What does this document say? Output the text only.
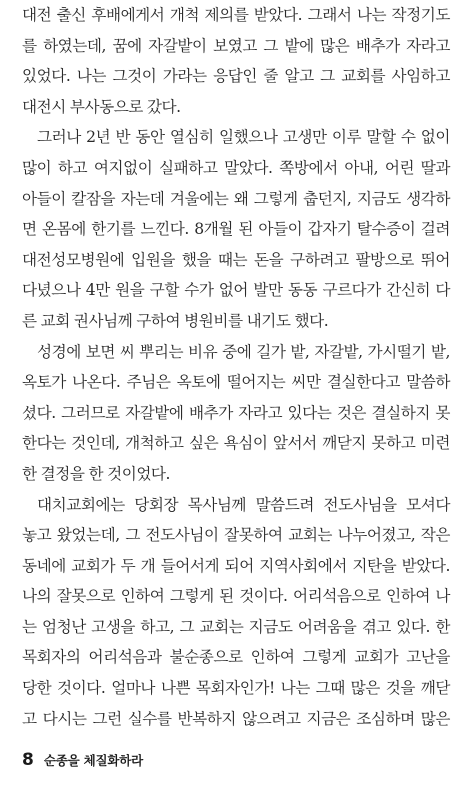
대전 출신 후배에게서 개척 제의를 받았다. 그래서 나는 작정기도
를 하였는데, 꿈에 자갈밭이 보였고 그 밭에 많은 배추가 자라고
있었다. 나는 그것이 가라는 응답인 줄 알고 그 교회를 사임하고
대전시 부사동으로 갔다.
그러나 2년 반 동안 열심히 일했으나 고생만 이루 말할 수 없이
많이 하고 여지없이 실패하고 말았다. 쪽방에서 아내, 어린 딸과
아들이 칼잠을 자는데 겨울에는 왜 그렇게 춥던지, 지금도 생각하
면 온몸에 한기를 느낀다. 8개월 된 아들이 갑자기 탈수증이 걸려
대전성모병원에 입원을 했을 때는 돈을 구하려고 팔방으로 뛰어
다녔으나 4만 원을 구할 수가 없어 발만 동동 구르다가 간신히 다
른 교회 권사님께 구하여 병원비를 내기도 했다.
성경에 보면 씨 뿌리는 비유 중에 길가 밭, 자갈밭, 가시떨기 밭,
옥토가 나온다. 주님은 옥토에 떨어지는 씨만 결실한다고 말씀하
셨다. 그러므로 자갈밭에 배추가 자라고 있다는 것은 결실하지 못
한다는 것인데, 개척하고 싶은 욕심이 앞서서 깨닫지 못하고 미련
한 결정을 한 것이었다.
대치교회에는 당회장 목사님께 말씀드려 전도사님을 모셔다
놓고 왔었는데, 그 전도사님이 잘못하여 교회는 나누어졌고, 작은
동네에 교회가 두 개 들어서게 되어 지역사회에서 지탄을 받았다.
나의 잘못으로 인하여 그렇게 된 것이다. 어리석음으로 인하여 나
는 엄청난 고생을 하고, 그 교회는 지금도 어려움을 겪고 있다. 한
목회자의 어리석음과 불순종으로 인하여 그렇게 교회가 고난을
당한 것이다. 얼마나 나쁜 목회자인가! 나는 그때 많은 것을 깨닫
고 다시는 그런 실수를 반복하지 않으려고 지금은 조심하며 많은
8 순종을 체질화하라
